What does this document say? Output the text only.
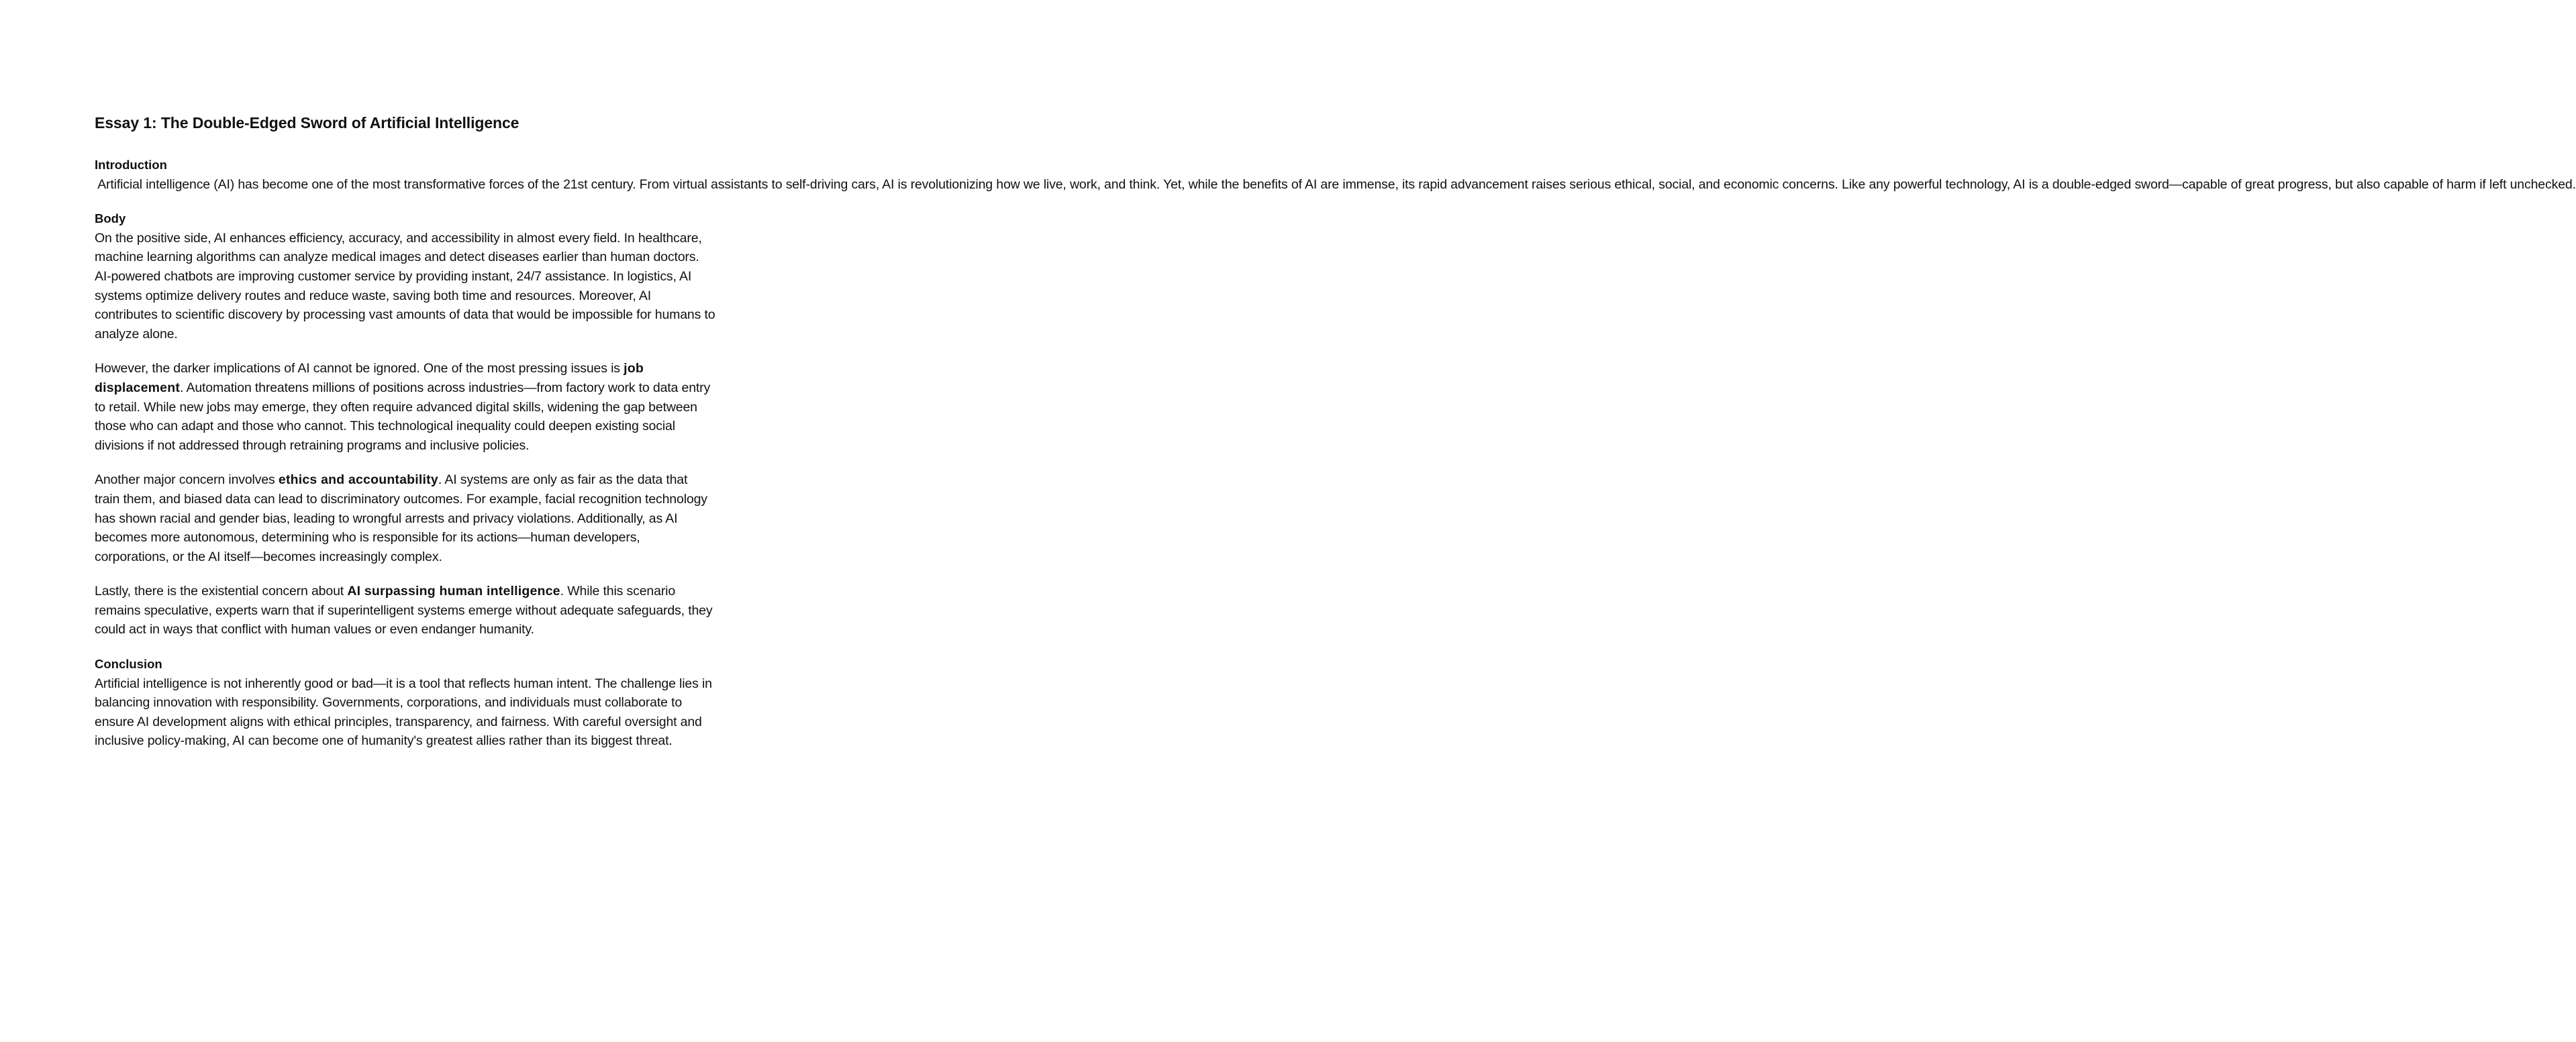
Essay 1: The Double-Edged Sword of Artificial Intelligence
Introduction

Artificial intelligence (AI) has become one of the most transformative forces of the 21st century. From virtual assistants to self-driving cars, AI is revolutionizing how we live, work, and think. Yet, while the benefits of AI are immense, its rapid advancement raises serious ethical, social, and economic concerns. Like any powerful technology, AI is a double-edged sword—capable of great progress, but also capable of harm if left unchecked.

Body

On the positive side, AI enhances efficiency, accuracy, and accessibility in almost every field. In healthcare, machine learning algorithms can analyze medical images and detect diseases earlier than human doctors. AI-powered chatbots are improving customer service by providing instant, 24/7 assistance. In logistics, AI systems optimize delivery routes and reduce waste, saving both time and resources. Moreover, AI contributes to scientific discovery by processing vast amounts of data that would be impossible for humans to analyze alone.

However, the darker implications of AI cannot be ignored. One of the most pressing issues is job displacement. Automation threatens millions of positions across industries—from factory work to data entry to retail. While new jobs may emerge, they often require advanced digital skills, widening the gap between those who can adapt and those who cannot. This technological inequality could deepen existing social divisions if not addressed through retraining programs and inclusive policies.

Another major concern involves ethics and accountability. AI systems are only as fair as the data that train them, and biased data can lead to discriminatory outcomes. For example, facial recognition technology has shown racial and gender bias, leading to wrongful arrests and privacy violations. Additionally, as AI becomes more autonomous, determining who is responsible for its actions—human developers, corporations, or the AI itself—becomes increasingly complex.

Lastly, there is the existential concern about AI surpassing human intelligence. While this scenario remains speculative, experts warn that if superintelligent systems emerge without adequate safeguards, they could act in ways that conflict with human values or even endanger humanity.

Conclusion

Artificial intelligence is not inherently good or bad—it is a tool that reflects human intent. The challenge lies in balancing innovation with responsibility. Governments, corporations, and individuals must collaborate to ensure AI development aligns with ethical principles, transparency, and fairness. With careful oversight and inclusive policy-making, AI can become one of humanity's greatest allies rather than its biggest threat.
